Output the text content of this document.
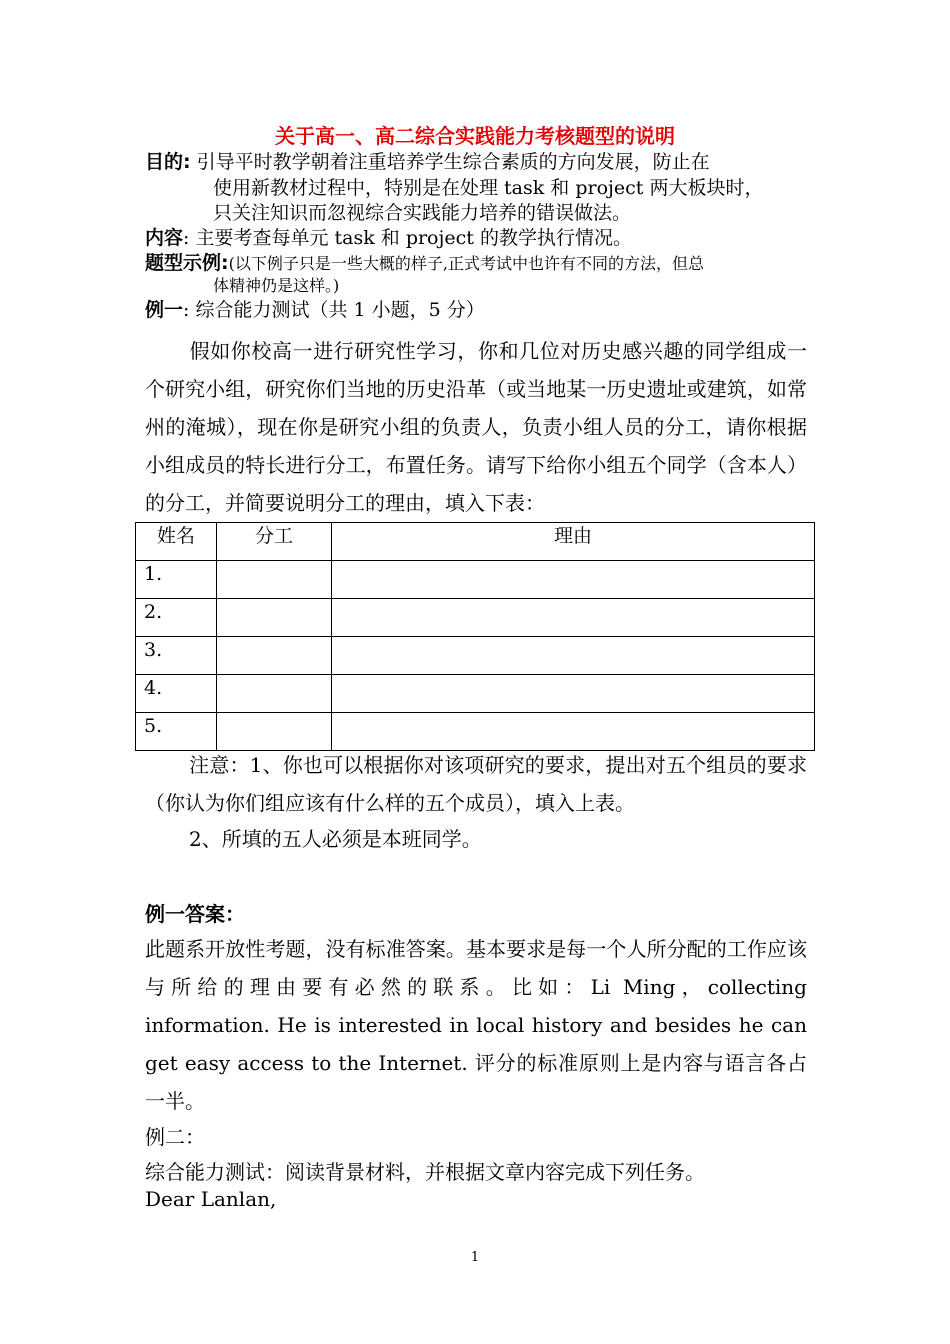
关于高一、高二综合实践能力考核题型的说明
目的: 引导平时教学朝着注重培养学生综合素质的方向发展，防止在
使用新教材过程中，特别是在处理 task 和 project 两大板块时，
只关注知识而忽视综合实践能力培养的错误做法。
内容: 主要考查每单元 task 和 project 的教学执行情况。
题型示例:(以下例子只是一些大概的样子,正式考试中也许有不同的方法，但总
体精神仍是这样。)
例一: 综合能力测试（共 1 小题，5 分）
假如你校高一进行研究性学习，你和几位对历史感兴趣的同学组成一个研究小组，研究你们当地的历史沿革（或当地某一历史遗址或建筑，如常州的淹城），现在你是研究小组的负责人，负责小组人员的分工，请你根据小组成员的特长进行分工，布置任务。请写下给你小组五个同学（含本人）的分工，并简要说明分工的理由，填入下表：
姓名	分工	理由
1.		
2.		
3.		
4.		
5.		
注意：1、你也可以根据你对该项研究的要求，提出对五个组员的要求（你认为你们组应该有什么样的五个成员），填入上表。
2、所填的五人必须是本班同学。
例一答案：
此题系开放性考题，没有标准答案。基本要求是每一个人所分配的工作应该与所给的理由要有必然的联系。比如：Li Ming，collecting information. He is interested in local history and besides he can get easy access to the Internet. 评分的标准原则上是内容与语言各占一半。
例二：
综合能力测试：阅读背景材料，并根据文章内容完成下列任务。
Dear Lanlan,
1
